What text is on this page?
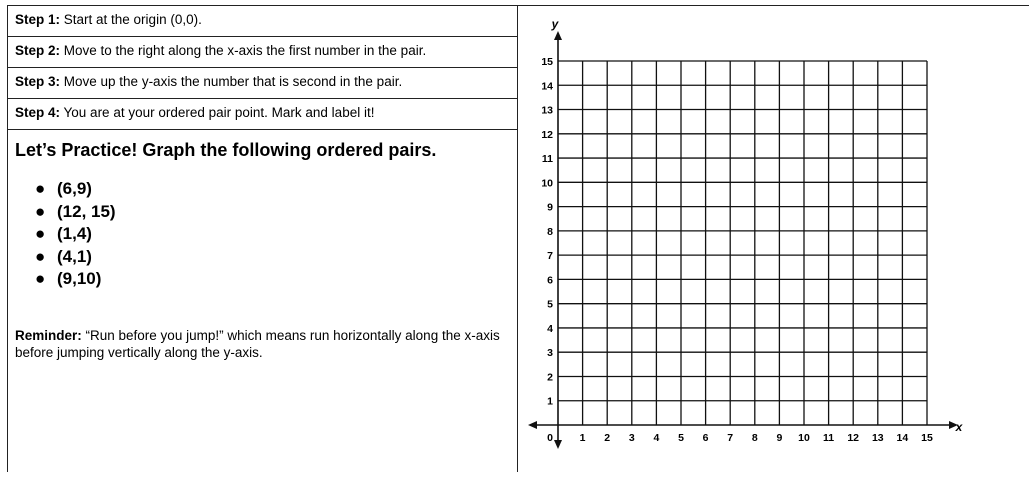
Step 1: Start at the origin (0,0).
Step 2: Move to the right along the x-axis the first number in the pair.
Step 3: Move up the y-axis the number that is second in the pair.
Step 4: You are at your ordered pair point. Mark and label it!
Let’s Practice! Graph the following ordered pairs.
● (6,9)
● (12, 15)
● (1,4)
● (4,1)
● (9,10)
Reminder: “Run before you jump!” which means run horizontally along the x-axis before jumping vertically along the y-axis.
0	1 2 3 4 5 6 7 8 9 10 11 12 13 14 15
1
2
3
4
5
6
7
8
9
10
11
12
13
14
15
y
x
